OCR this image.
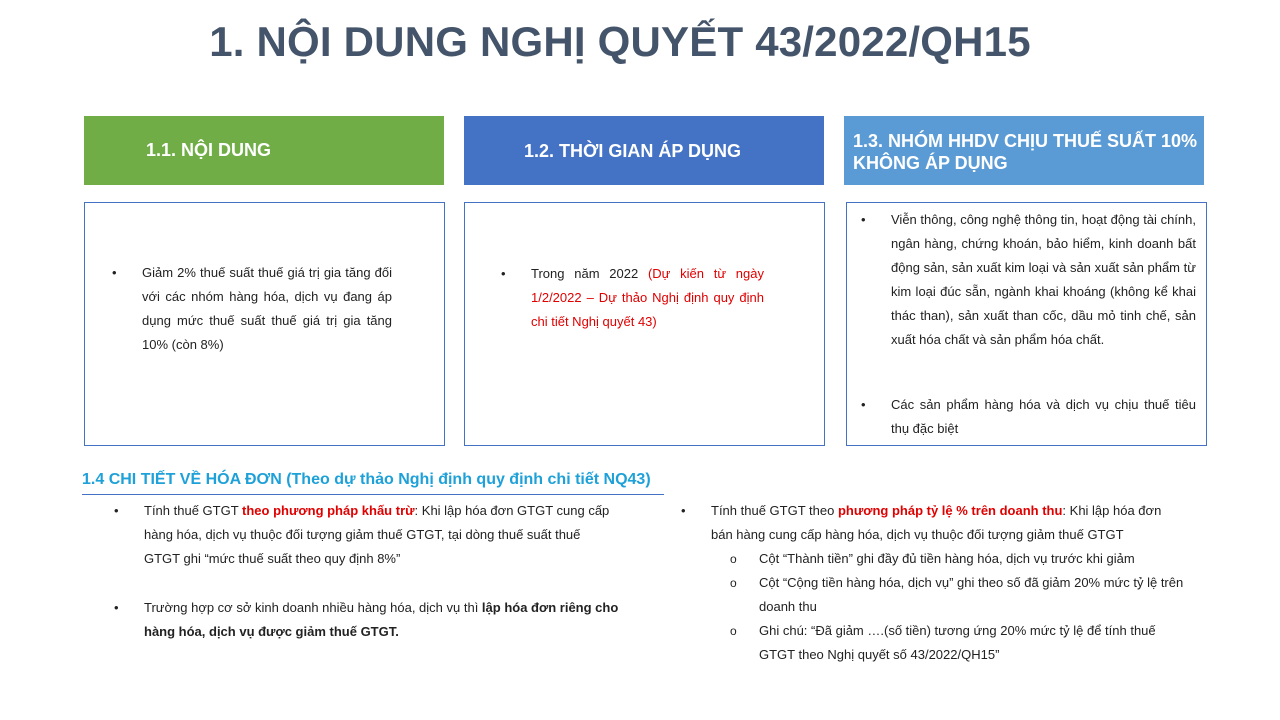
1. NỘI DUNG NGHỊ QUYẾT 43/2022/QH15
1.1. NỘI DUNG	1.2. THỜI GIAN ÁP DỤNG	1.3. NHÓM HHDV CHỊU THUẾ SUẤT 10% KHÔNG ÁP DỤNG
• Giảm 2% thuế suất thuế giá trị gia tăng đối với các nhóm hàng hóa, dịch vụ đang áp dụng mức thuế suất thuế giá trị gia tăng 10% (còn 8%)
• Trong năm 2022 (Dự kiến từ ngày 1/2/2022 – Dự thảo Nghị định quy định chi tiết Nghị quyết 43)
• Viễn thông, công nghệ thông tin, hoạt động tài chính, ngân hàng, chứng khoán, bảo hiểm, kinh doanh bất động sản, sản xuất kim loại và sản xuất sản phẩm từ kim loại đúc sẵn, ngành khai khoáng (không kể khai thác than), sản xuất than cốc, dầu mỏ tinh chế, sản xuất hóa chất và sản phẩm hóa chất.
• Các sản phẩm hàng hóa và dịch vụ chịu thuế tiêu thụ đặc biệt
1.4 CHI TIẾT VỀ HÓA ĐƠN (Theo dự thảo Nghị định quy định chi tiết NQ43)
• Tính thuế GTGT theo phương pháp khấu trừ: Khi lập hóa đơn GTGT cung cấp hàng hóa, dịch vụ thuộc đối tượng giảm thuế GTGT, tại dòng thuế suất thuế GTGT ghi “mức thuế suất theo quy định 8%”
• Trường hợp cơ sở kinh doanh nhiều hàng hóa, dịch vụ thì lập hóa đơn riêng cho hàng hóa, dịch vụ được giảm thuế GTGT.
• Tính thuế GTGT theo phương pháp tỷ lệ % trên doanh thu: Khi lập hóa đơn bán hàng cung cấp hàng hóa, dịch vụ thuộc đối tượng giảm thuế GTGT
o Cột “Thành tiền” ghi đầy đủ tiền hàng hóa, dịch vụ trước khi giảm
o Cột “Cộng tiền hàng hóa, dịch vụ” ghi theo số đã giảm 20% mức tỷ lệ trên doanh thu
o Ghi chú: “Đã giảm ….(số tiền) tương ứng 20% mức tỷ lệ để tính thuế GTGT theo Nghị quyết số 43/2022/QH15”
